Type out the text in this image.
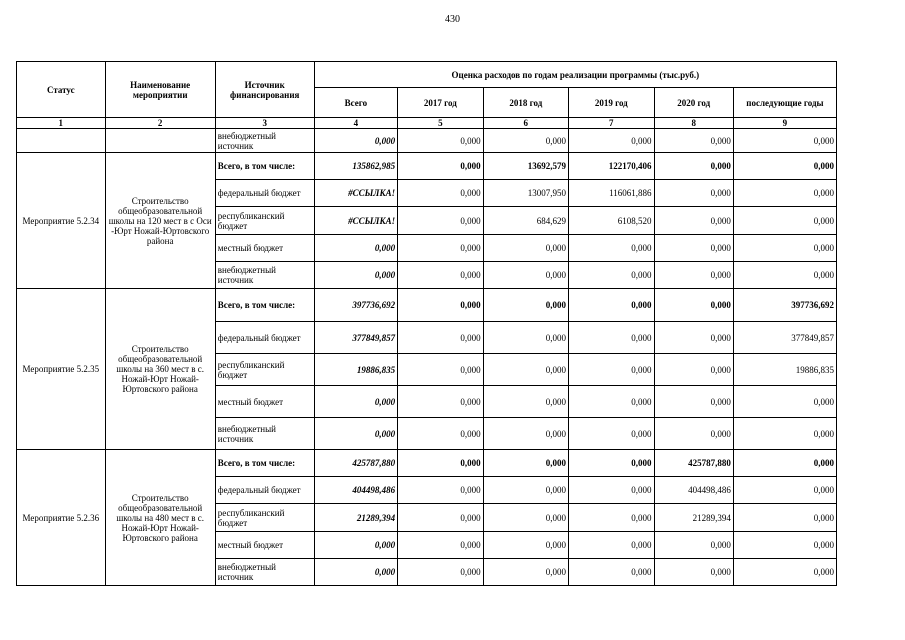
430
Статус	Наименование мероприятии	Источник финансирования	Оценка расходов по годам реализации программы (тыс.руб.)					
			Всего	2017 год	2018 год	2019 год	2020 год	последующие годы
1	2	3	4	5	6	7	8	9
		внебюджетный источник	0,000	0,000	0,000	0,000	0,000	0,000
Мероприятие 5.2.34	Строительство общеобразовательной школы на 120 мест в с Оси -Юрт Ножай-Юртовского района	Всего, в том числе:	135862,985	0,000	13692,579	122170,406	0,000	0,000
		федеральный бюджет	#ССЫЛКА!	0,000	13007,950	116061,886	0,000	0,000
		республиканский бюджет	#ССЫЛКА!	0,000	684,629	6108,520	0,000	0,000
		местный бюджет	0,000	0,000	0,000	0,000	0,000	0,000
		внебюджетный источник	0,000	0,000	0,000	0,000	0,000	0,000
Мероприятие 5.2.35	Строительство общеобразовательной школы на 360 мест в с. Ножай-Юрт Ножай-Юртовского района	Всего, в том числе:	397736,692	0,000	0,000	0,000	0,000	397736,692
		федеральный бюджет	377849,857	0,000	0,000	0,000	0,000	377849,857
		республиканский бюджет	19886,835	0,000	0,000	0,000	0,000	19886,835
		местный бюджет	0,000	0,000	0,000	0,000	0,000	0,000
		внебюджетный источник	0,000	0,000	0,000	0,000	0,000	0,000
Мероприятие 5.2.36	Строительство общеобразовательной школы на 480 мест в с. Ножай-Юрт Ножай-Юртовского района	Всего, в том числе:	425787,880	0,000	0,000	0,000	425787,880	0,000
		федеральный бюджет	404498,486	0,000	0,000	0,000	404498,486	0,000
		республиканский бюджет	21289,394	0,000	0,000	0,000	21289,394	0,000
		местный бюджет	0,000	0,000	0,000	0,000	0,000	0,000
		внебюджетный источник	0,000	0,000	0,000	0,000	0,000	0,000
